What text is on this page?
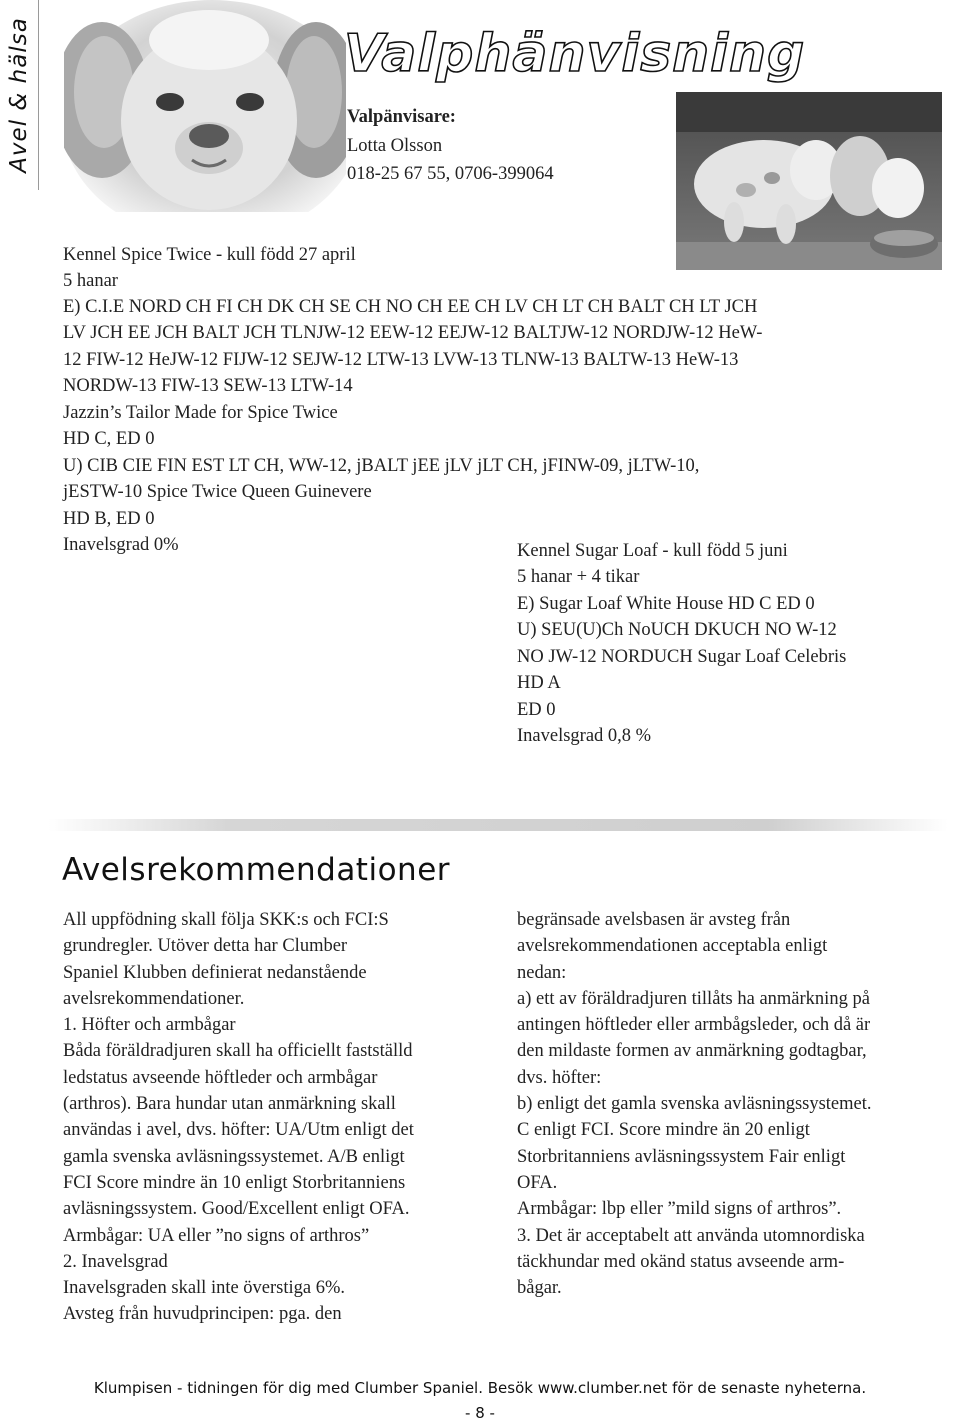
Avel & hälsa	Valphänvisning
Valpänvisare:
Lotta Olsson
018-25 67 55, 0706-399064
Kennel Spice Twice - kull född 27 april
5 hanar
E) C.I.E NORD CH FI CH DK CH SE CH NO CH EE CH LV CH LT CH BALT CH LT JCH
LV JCH EE JCH BALT JCH TLNJW-12 EEW-12 EEJW-12 BALTJW-12 NORDJW-12 HeW-
12 FIW-12 HeJW-12 FIJW-12 SEJW-12 LTW-13 LVW-13 TLNW-13 BALTW-13 HeW-13
NORDW-13 FIW-13 SEW-13 LTW-14
Jazzin’s Tailor Made for Spice Twice
HD C, ED 0
U) CIB CIE FIN EST LT CH, WW-12, jBALT jEE jLV jLT CH, jFINW-09, jLTW-10,
jESTW-10 Spice Twice Queen Guinevere
HD B, ED 0
Inavelsgrad 0%	Kennel Sugar Loaf - kull född 5 juni
5 hanar + 4 tikar
E) Sugar Loaf White House HD C ED 0
U) SEU(U)Ch NoUCH DKUCH NO W-12
NO JW-12 NORDUCH Sugar Loaf Celebris
HD A
ED 0
Inavelsgrad 0,8 %
Avelsrekommendationer
All uppfödning skall följa SKK:s och FCI:S
grundregler. Utöver detta har Clumber
Spaniel Klubben definierat nedanstående
avelsrekommendationer.
1. Höfter och armbågar
Båda föräldradjuren skall ha officiellt fastställd
ledstatus avseende höftleder och armbågar
(arthros). Bara hundar utan anmärkning skall
användas i avel, dvs. höfter: UA/Utm enligt det
gamla svenska avläsningssystemet. A/B enligt
FCI Score mindre än 10 enligt Storbritanniens
avläsningssystem. Good/Excellent enligt OFA.
Armbågar: UA eller ”no signs of arthros”
2. Inavelsgrad
Inavelsgraden skall inte överstiga 6%.
Avsteg från huvudprincipen: pga. den
begränsade avelsbasen är avsteg från
avelsrekommendationen acceptabla enligt
nedan:
a) ett av föräldradjuren tillåts ha anmärkning på
antingen höftleder eller armbågsleder, och då är
den mildaste formen av anmärkning godtagbar,
dvs. höfter:
b) enligt det gamla svenska avläsningssystemet.
C enligt FCI. Score mindre än 20 enligt
Storbritanniens avläsningssystem Fair enligt
OFA.
Armbågar: lbp eller ”mild signs of arthros”.
3. Det är acceptabelt att använda utomnordiska
täckhundar med okänd status avseende arm-
bågar.
Klumpisen - tidningen för dig med Clumber Spaniel. Besök www.clumber.net för de senaste nyheterna.
- 8 -
